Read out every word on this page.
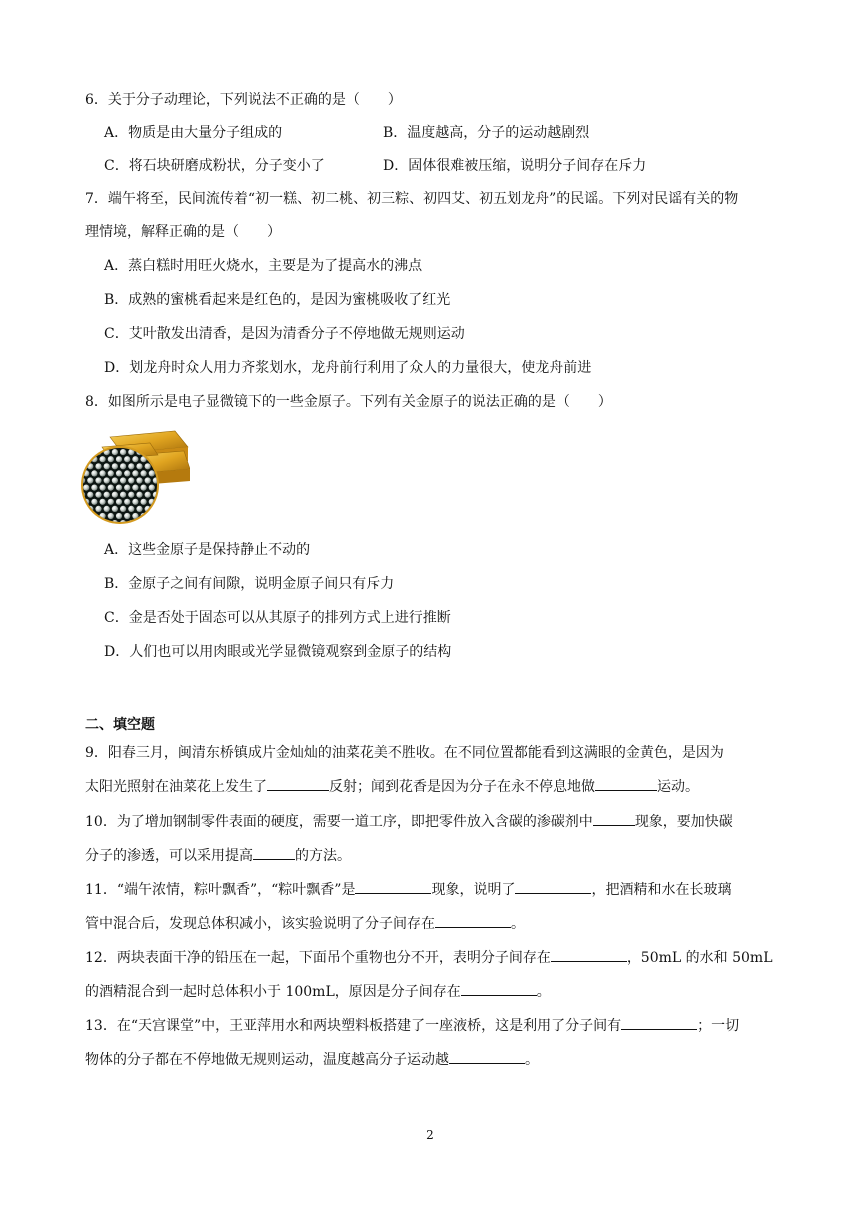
6．关于分子动理论，下列说法不正确的是（　　）
A．物质是由大量分子组成的	B．温度越高，分子的运动越剧烈
C．将石块研磨成粉状，分子变小了	D．固体很难被压缩，说明分子间存在斥力
7．端午将至，民间流传着“初一糕、初二桃、初三粽、初四艾、初五划龙舟”的民谣。下列对民谣有关的物
理情境，解释正确的是（　　）
A．蒸白糕时用旺火烧水，主要是为了提高水的沸点
B．成熟的蜜桃看起来是红色的，是因为蜜桃吸收了红光
C．艾叶散发出清香，是因为清香分子不停地做无规则运动
D．划龙舟时众人用力齐浆划水，龙舟前行利用了众人的力量很大，使龙舟前进
8．如图所示是电子显微镜下的一些金原子。下列有关金原子的说法正确的是（　　）
A．这些金原子是保持静止不动的
B．金原子之间有间隙，说明金原子间只有斥力
C．金是否处于固态可以从其原子的排列方式上进行推断
D．人们也可以用肉眼或光学显微镜观察到金原子的结构
二、填空题
9．阳春三月，闽清东桥镇成片金灿灿的油菜花美不胜收。在不同位置都能看到这满眼的金黄色，是因为
太阳光照射在油菜花上发生了	反射；闻到花香是因为分子在永不停息地做	运动。
10．为了增加钢制零件表面的硬度，需要一道工序，即把零件放入含碳的渗碳剂中	现象，要加快碳
分子的渗透，可以采用提高	的方法。
11．“端午浓情，粽叶飘香”，“粽叶飘香”是	现象，说明了	，把酒精和水在长玻璃
管中混合后，发现总体积减小，该实验说明了分子间存在	。
12．两块表面干净的铅压在一起，下面吊个重物也分不开，表明分子间存在	，50mL 的水和 50mL
的酒精混合到一起时总体积小于 100mL，原因是分子间存在	。
13．在“天宫课堂”中，王亚萍用水和两块塑料板搭建了一座液桥，这是利用了分子间有	；一切
物体的分子都在不停地做无规则运动，温度越高分子运动越	。
2
